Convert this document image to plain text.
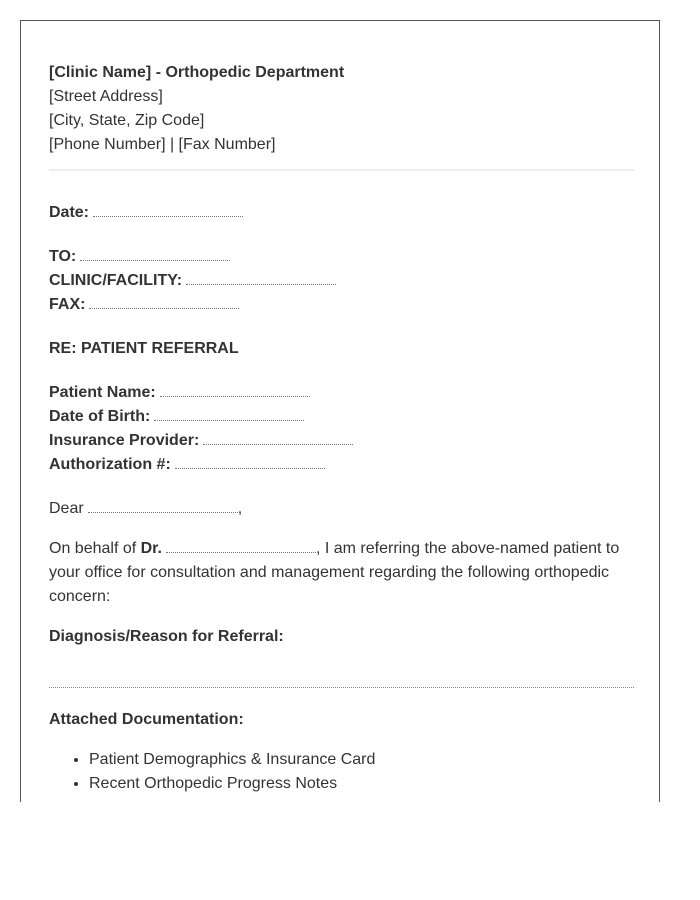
[Clinic Name] - Orthopedic Department
[Street Address]
[City, State, Zip Code]
[Phone Number] | [Fax Number]
Date:
TO:
CLINIC/FACILITY:
FAX:
RE: PATIENT REFERRAL
Patient Name:
Date of Birth:
Insurance Provider:
Authorization #:
Dear	,

On behalf of Dr.	, I am referring the above-named patient to your office for consultation and management regarding the following orthopedic concern:

Diagnosis/Reason for Referral:
Attached Documentation:
• Patient Demographics & Insurance Card
• Recent Orthopedic Progress Notes
